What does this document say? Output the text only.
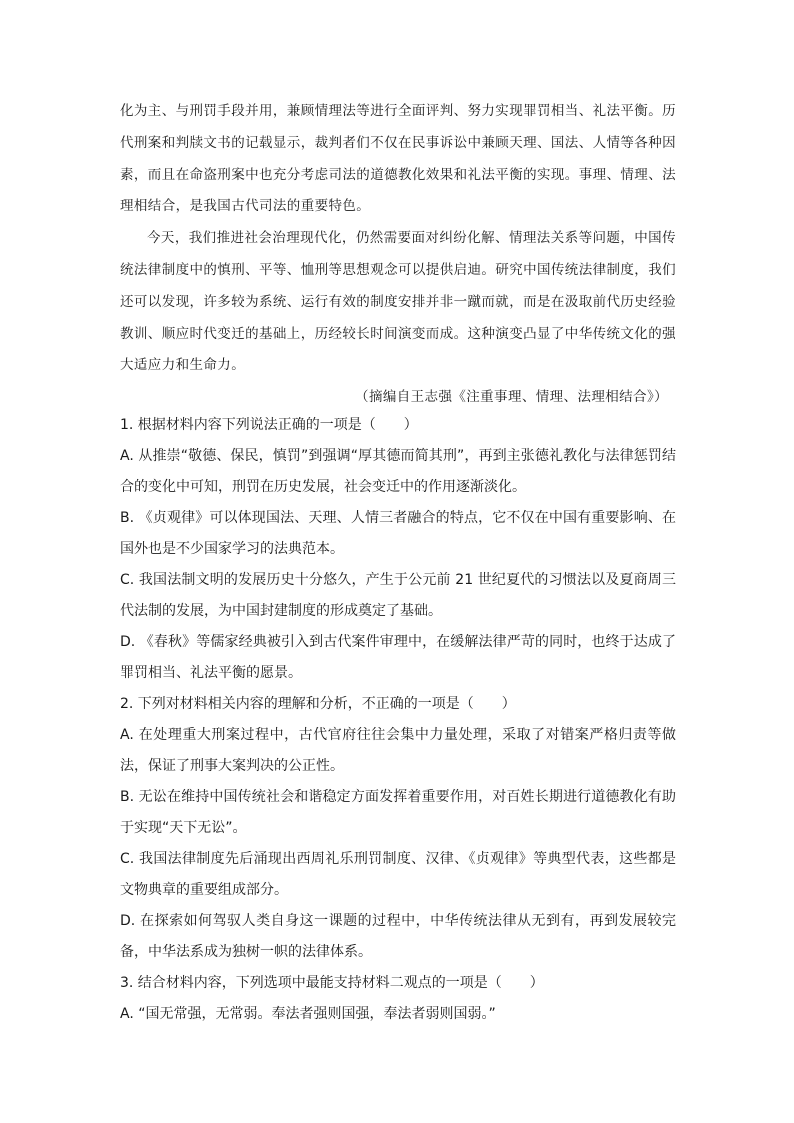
化为主、与刑罚手段并用，兼顾情理法等进行全面评判、努力实现罪罚相当、礼法平衡。历代刑案和判牍文书的记载显示，裁判者们不仅在民事诉讼中兼顾天理、国法、人情等各种因素，而且在命盗刑案中也充分考虑司法的道德教化效果和礼法平衡的实现。事理、情理、法理相结合，是我国古代司法的重要特色。

今天，我们推进社会治理现代化，仍然需要面对纠纷化解、情理法关系等问题，中国传统法律制度中的慎刑、平等、恤刑等思想观念可以提供启迪。研究中国传统法律制度，我们还可以发现，许多较为系统、运行有效的制度安排并非一蹴而就，而是在汲取前代历史经验教训、顺应时代变迁的基础上，历经较长时间演变而成。这种演变凸显了中华传统文化的强大适应力和生命力。

（摘编自王志强《注重事理、情理、法理相结合》）

1. 根据材料内容下列说法正确的一项是（　　）

A. 从推崇“敬德、保民，慎罚”到强调“厚其德而简其刑”，再到主张德礼教化与法律惩罚结合的变化中可知，刑罚在历史发展，社会变迁中的作用逐渐淡化。

B. 《贞观律》可以体现国法、天理、人情三者融合的特点，它不仅在中国有重要影响、在国外也是不少国家学习的法典范本。

C. 我国法制文明的发展历史十分悠久，产生于公元前 21 世纪夏代的习惯法以及夏商周三代法制的发展，为中国封建制度的形成奠定了基础。

D. 《春秋》等儒家经典被引入到古代案件审理中，在缓解法律严苛的同时，也终于达成了罪罚相当、礼法平衡的愿景。

2. 下列对材料相关内容的理解和分析，不正确的一项是（　　）

A. 在处理重大刑案过程中，古代官府往往会集中力量处理，采取了对错案严格归责等做法，保证了刑事大案判决的公正性。

B. 无讼在维持中国传统社会和谐稳定方面发挥着重要作用，对百姓长期进行道德教化有助于实现“天下无讼”。

C. 我国法律制度先后涌现出西周礼乐刑罚制度、汉律、《贞观律》等典型代表，这些都是文物典章的重要组成部分。

D. 在探索如何驾驭人类自身这一课题的过程中，中华传统法律从无到有，再到发展较完备，中华法系成为独树一帜的法律体系。

3. 结合材料内容，下列选项中最能支持材料二观点的一项是（　　）

A. “国无常强，无常弱。奉法者强则国强，奉法者弱则国弱。”
